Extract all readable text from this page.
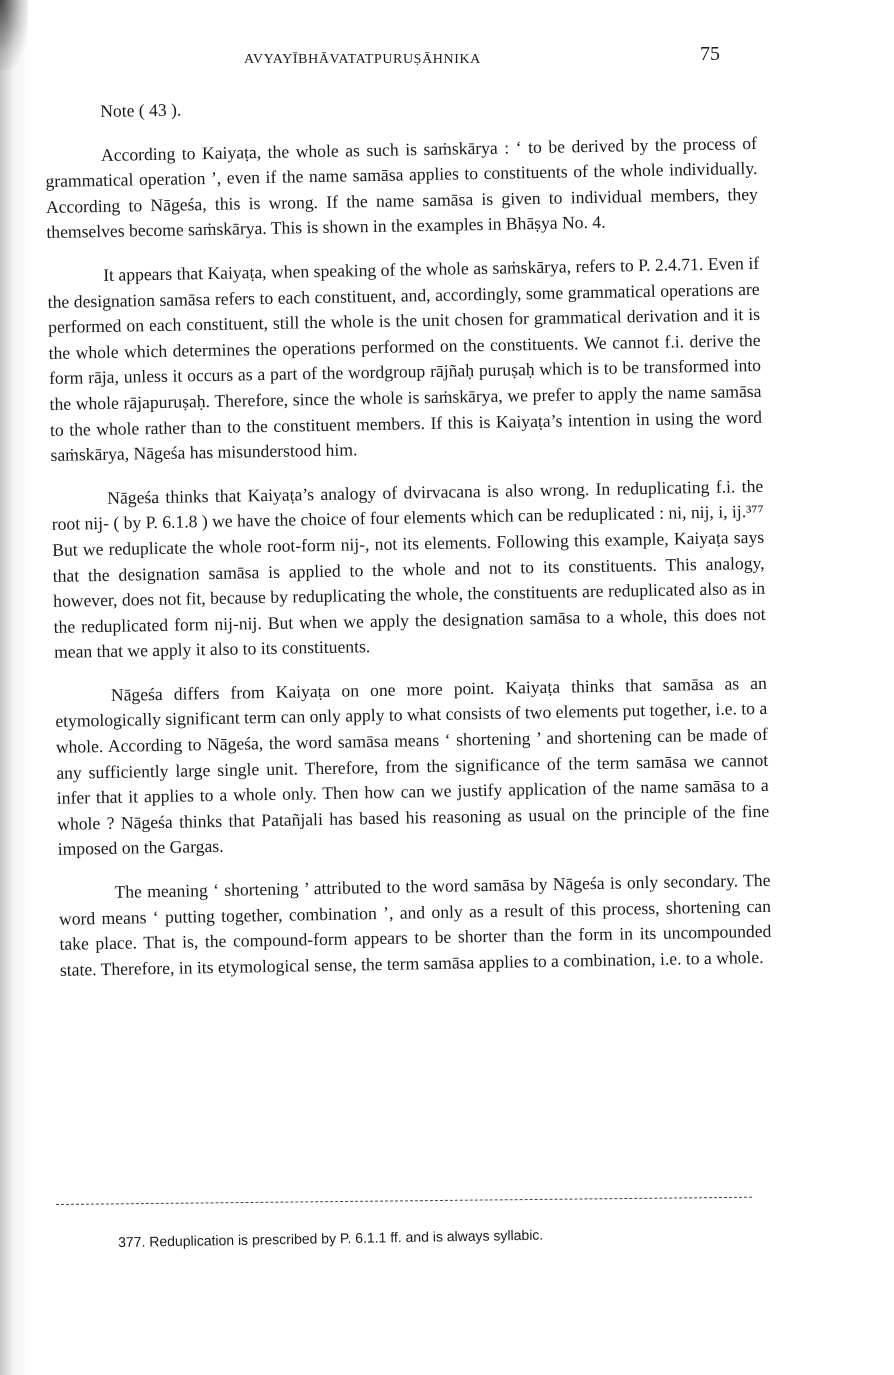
AVYAYĪBHĀVATATPURUṢĀHNIKA	75

Note ( 43 ).

According to Kaiyaṭa, the whole as such is saṁskārya : ‘ to be derived by the process of grammatical operation ’, even if the name samāsa applies to constituents of the whole individually. According to Nāgeśa, this is wrong. If the name samāsa is given to individual members, they themselves become saṁskārya. This is shown in the examples in Bhāṣya No. 4.

It appears that Kaiyaṭa, when speaking of the whole as saṁskārya, refers to P. 2.4.71. Even if the designation samāsa refers to each constituent, and, accordingly, some grammatical operations are performed on each constituent, still the whole is the unit chosen for grammatical derivation and it is the whole which determines the operations performed on the constituents. We cannot f.i. derive the form rāja, unless it occurs as a part of the wordgroup rājñaḥ puruṣaḥ which is to be transformed into the whole rājapuruṣaḥ. Therefore, since the whole is saṁskārya, we prefer to apply the name samāsa to the whole rather than to the constituent members. If this is Kaiyaṭa’s intention in using the word saṁskārya, Nāgeśa has misunderstood him.

Nāgeśa thinks that Kaiyaṭa’s analogy of dvirvacana is also wrong. In reduplicating f.i. the root nij- ( by P. 6.1.8 ) we have the choice of four elements which can be reduplicated : ni, nij, i, ij.³⁷⁷ But we reduplicate the whole root-form nij-, not its elements. Following this example, Kaiyaṭa says that the designation samāsa is applied to the whole and not to its constituents. This analogy, however, does not fit, because by reduplicating the whole, the constituents are reduplicated also as in the reduplicated form nij-nij. But when we apply the designation samāsa to a whole, this does not mean that we apply it also to its constituents.

Nāgeśa differs from Kaiyaṭa on one more point. Kaiyaṭa thinks that samāsa as an etymologically significant term can only apply to what consists of two elements put together, i.e. to a whole. According to Nāgeśa, the word samāsa means ‘ shortening ’ and shortening can be made of any sufficiently large single unit. Therefore, from the significance of the term samāsa we cannot infer that it applies to a whole only. Then how can we justify application of the name samāsa to a whole ? Nāgeśa thinks that Patañjali has based his reasoning as usual on the principle of the fine imposed on the Gargas.

The meaning ‘ shortening ’ attributed to the word samāsa by Nāgeśa is only secondary. The word means ‘ putting together, combination ’, and only as a result of this process, shortening can take place. That is, the compound-form appears to be shorter than the form in its uncompounded state. Therefore, in its etymological sense, the term samāsa applies to a combination, i.e. to a whole.

377. Reduplication is prescribed by P. 6.1.1 ff. and is always syllabic.
